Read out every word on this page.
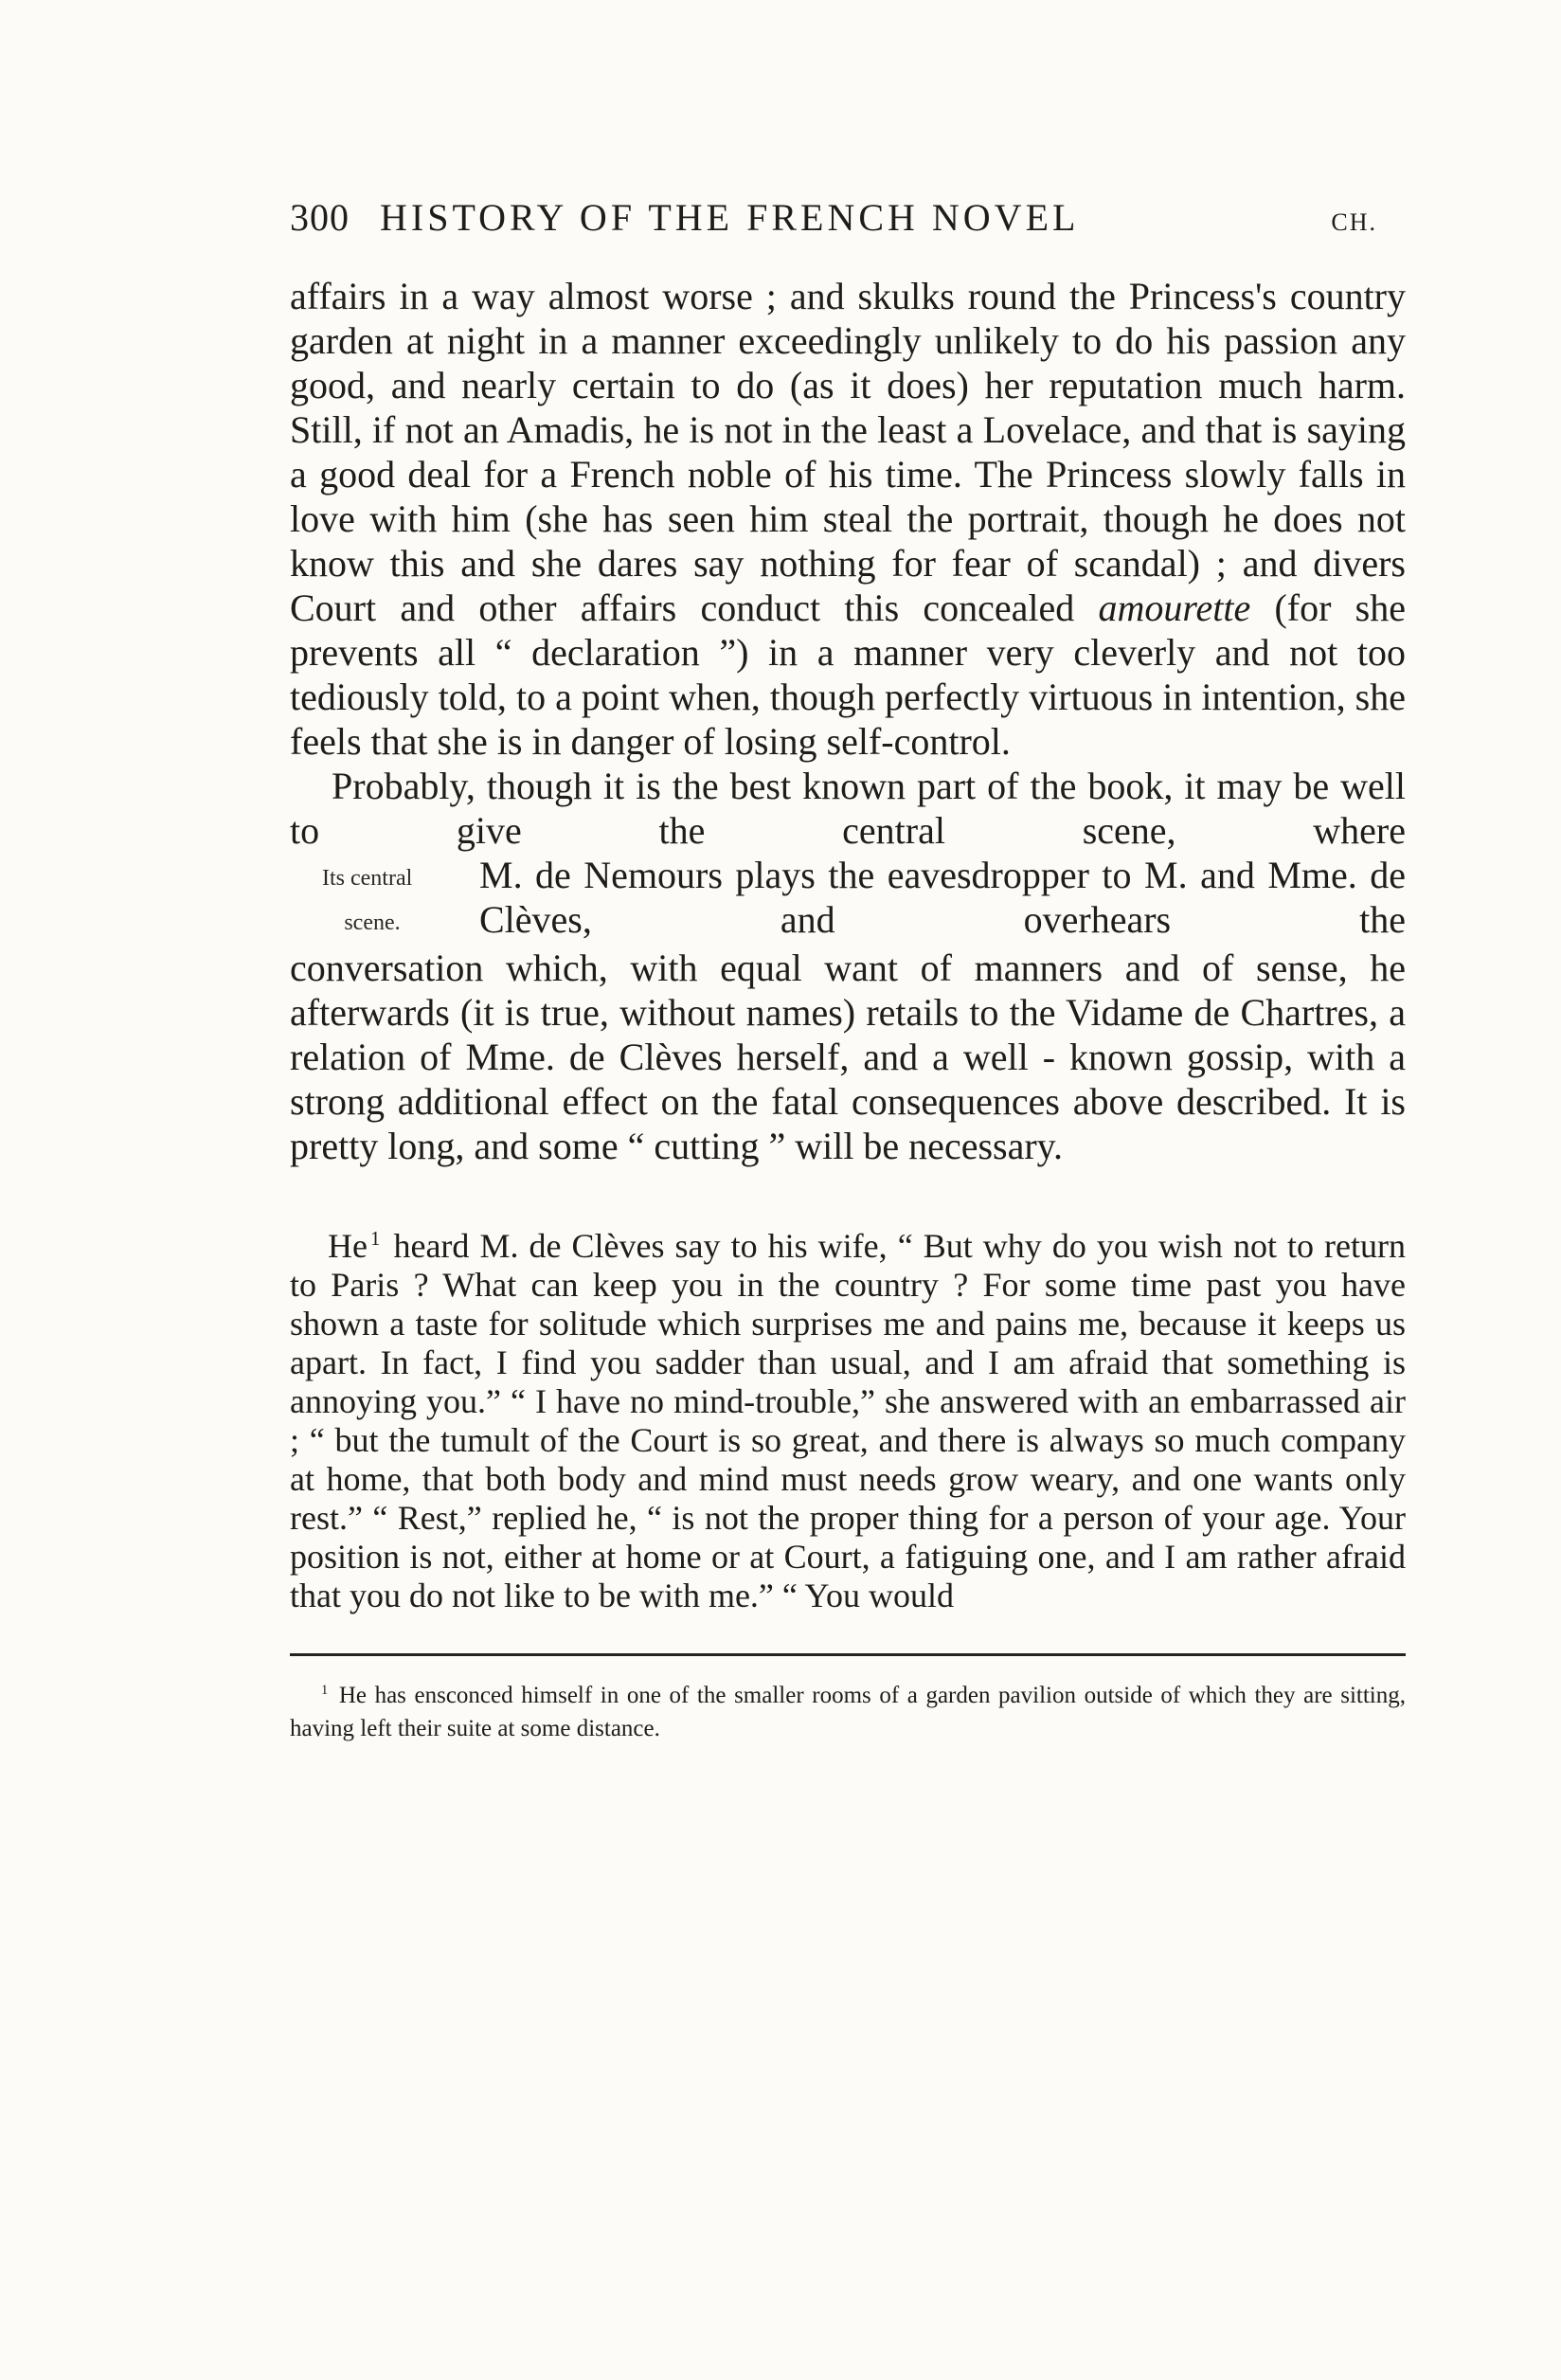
300 HISTORY OF THE FRENCH NOVEL	CH.

affairs in a way almost worse ; and skulks round the Princess's country garden at night in a manner exceedingly unlikely to do his passion any good, and nearly certain to do (as it does) her reputation much harm. Still, if not an Amadis, he is not in the least a Lovelace, and that is saying a good deal for a French noble of his time. The Princess slowly falls in love with him (she has seen him steal the portrait, though he does not know this and she dares say nothing for fear of scandal) ; and divers Court and other affairs conduct this concealed amourette (for she prevents all “ declaration ”) in a manner very cleverly and not too tediously told, to a point when, though perfectly virtuous in intention, she feels that she is in danger of losing self-control.

Probably, though it is the best known part of the book, it may be well to give the central scene, where

Its central
scene.

M. de Nemours plays the eavesdropper to M. and Mme. de Clèves, and overhears the

conversation which, with equal want of manners and of sense, he afterwards (it is true, without names) retails to the Vidame de Chartres, a relation of Mme. de Clèves herself, and a well - known gossip, with a strong additional effect on the fatal consequences above described. It is pretty long, and some “ cutting ” will be necessary.

He $^1$ heard M. de Clèves say to his wife, “ But why do you wish not to return to Paris ? What can keep you in the country ? For some time past you have shown a taste for solitude which surprises me and pains me, because it keeps us apart. In fact, I find you sadder than usual, and I am afraid that something is annoying you.” “ I have no mind-trouble,” she answered with an embarrassed air ; “ but the tumult of the Court is so great, and there is always so much company at home, that both body and mind must needs grow weary, and one wants only rest.” “ Rest,” replied he, “ is not the proper thing for a person of your age. Your position is not, either at home or at Court, a fatiguing one, and I am rather afraid that you do not like to be with me.” “ You would

$^1$ He has ensconced himself in one of the smaller rooms of a garden pavilion outside of which they are sitting, having left their suite at some distance.
